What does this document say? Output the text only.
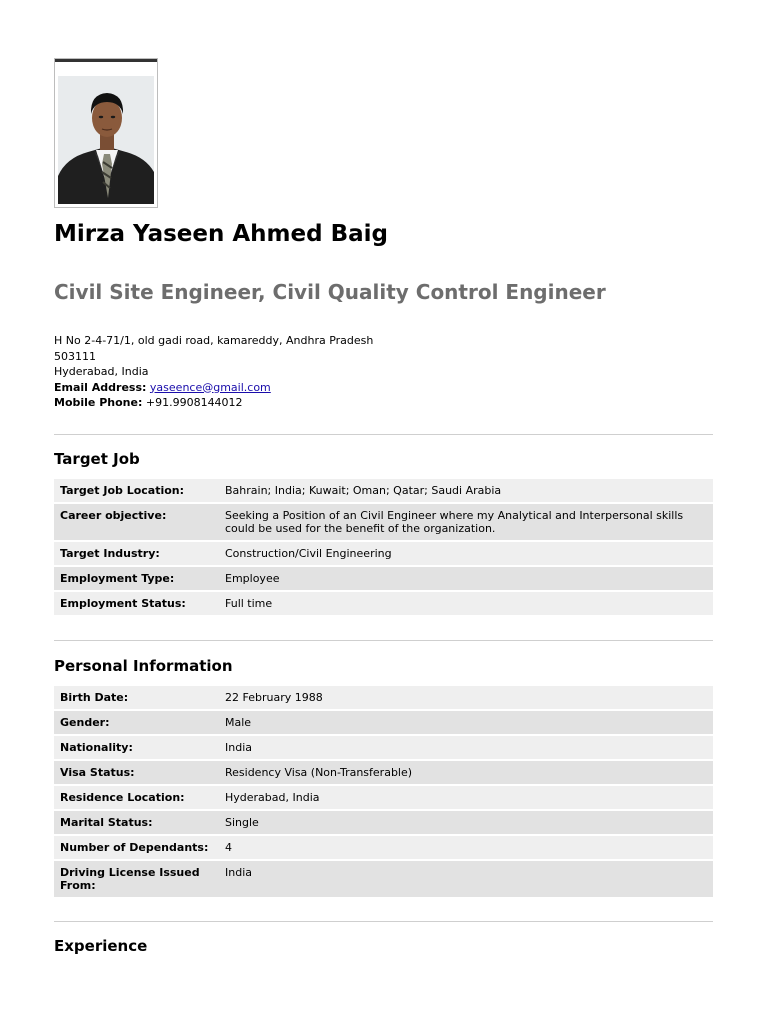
Mirza Yaseen Ahmed Baig
Civil Site Engineer, Civil Quality Control Engineer
H No 2-4-71/1, old gadi road, kamareddy, Andhra Pradesh
503111
Hyderabad, India
Email Address: yaseence@gmail.com
Mobile Phone: +91.9908144012
Target Job
Target Job Location:	Bahrain; India; Kuwait; Oman; Qatar; Saudi Arabia
Career objective:	Seeking a Position of an Civil Engineer where my Analytical and Interpersonal skills could be used for the benefit of the organization.
Target Industry:	Construction/Civil Engineering
Employment Type:	Employee
Employment Status:	Full time
Personal Information
Birth Date:	22 February 1988
Gender:	Male
Nationality:	India
Visa Status:	Residency Visa (Non-Transferable)
Residence Location:	Hyderabad, India
Marital Status:	Single
Number of Dependants:	4
Driving License Issued From:	India
Experience
